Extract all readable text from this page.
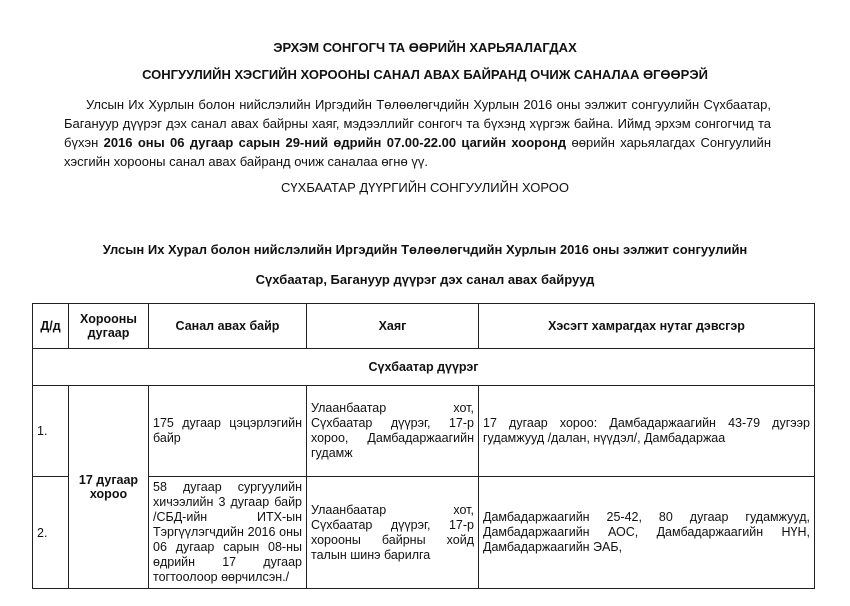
ЭРХЭМ СОНГОГЧ ТА ӨӨРИЙН ХАРЬЯАЛАГДАХ
СОНГУУЛИЙН ХЭСГИЙН ХОРООНЫ САНАЛ АВАХ БАЙРАНД ОЧИЖ САНАЛАА ӨГӨӨРЭЙ
Улсын Их Хурлын болон нийслэлийн Иргэдийн Төлөөлөгчдийн Хурлын 2016 оны ээлжит сонгуулийн Сүхбаатар, Багануур дүүрэг дэх санал авах байрны хаяг, мэдээллийг сонгогч та бүхэнд хүргэж байна. Иймд эрхэм сонгогчид та бүхэн 2016 оны 06 дугаар сарын 29-ний өдрийн 07.00-22.00 цагийн хооронд өөрийн харьялагдах Сонгуулийн хэсгийн хорооны санал авах байранд очиж саналаа өгнө үү.
СҮХБААТАР ДҮҮРГИЙН СОНГУУЛИЙН ХОРОО
Улсын Их Хурал болон нийслэлийн Иргэдийн Төлөөлөгчдийн Хурлын 2016 оны ээлжит сонгуулийн
Сүхбаатар, Багануур дүүрэг дэх санал авах байрууд
Д/д	Хорооны дугаар	Санал авах байр	Хаяг	Хэсэгт хамрагдах нутаг дэвсгэр
Сүхбаатар дүүрэг				
1.	17 дугаар хороо	175 дугаар цэцэрлэгийн байр	Улаанбаатар хот, Сүхбаатар дүүрэг, 17-р хороо, Дамбадаржаагийн гудамж	17 дугаар хороо: Дамбадаржаагийн 43-79 дугээр гудамжууд /далан, нүүдэл/, Дамбадаржаа
2.		58 дугаар сургуулийн хичээлийн 3 дугаар байр /СБД-ийн ИТХ-ын Тэргүүлэгчдийн 2016 оны 06 дугаар сарын 08-ны өдрийн 17 дугаар тогтоолоор өөрчилсэн./	Улаанбаатар хот, Сүхбаатар дүүрэг, 17-р хорооны байрны хойд талын шинэ барилга	Дамбадаржаагийн 25-42, 80 дугаар гудамжууд, Дамбадаржаагийн АОС, Дамбадаржаагийн НҮН, Дамбадаржаагийн ЭАБ,
